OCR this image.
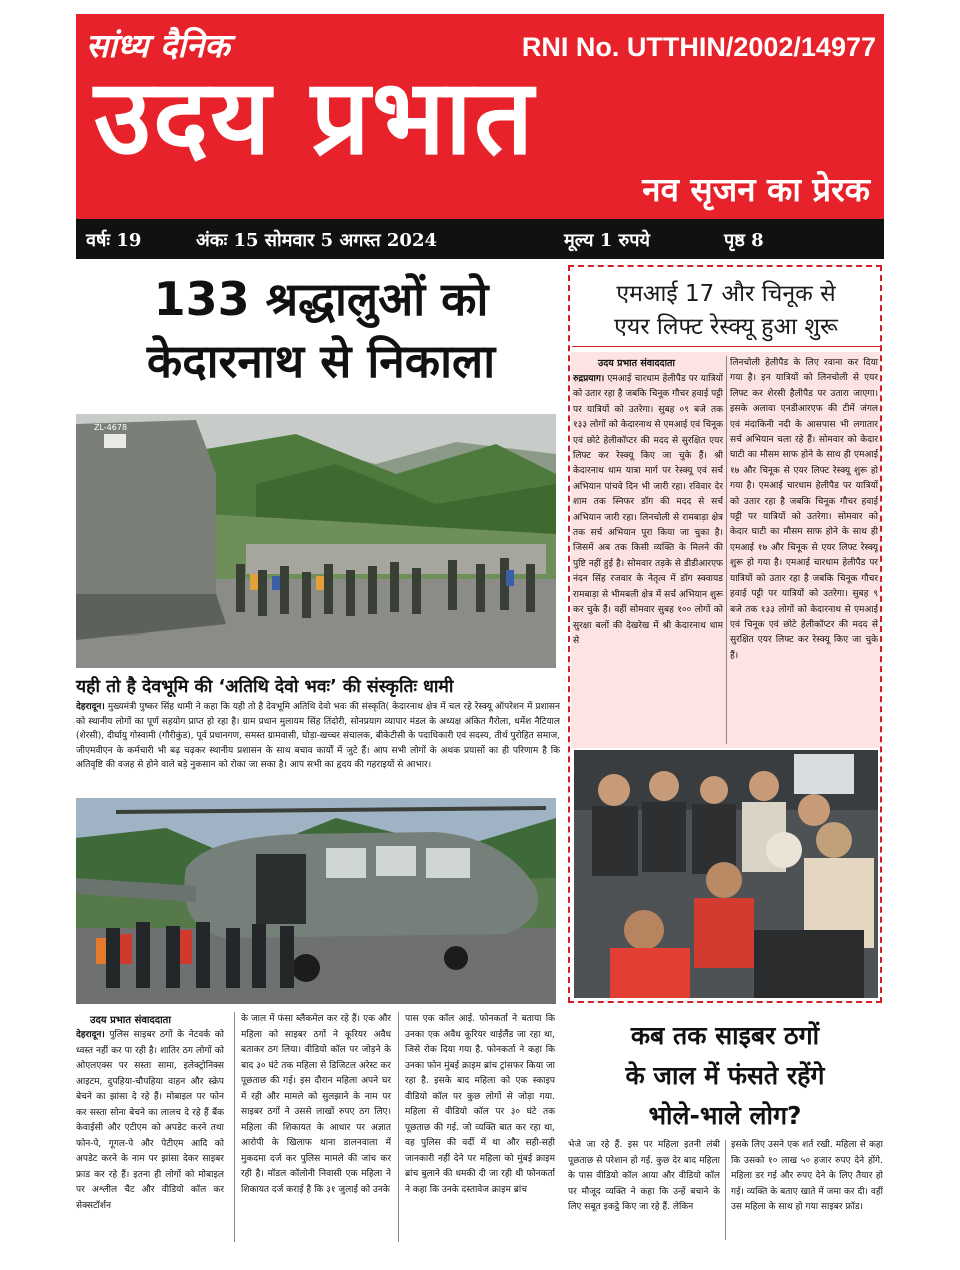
सांध्य दैनिक	RNI No. UTTHIN/2002/14977
उदय प्रभात
नव सृजन का प्रेरक
वर्षः 19	अंकः 15 सोमवार 5 अगस्त 2024	मूल्य 1 रुपये	पृष्ठ 8
133 श्रद्धालुओं को
केदारनाथ से निकाला
ZL-4678
यही तो है देवभूमि की ‘अतिथि देवो भवः’ की संस्कृतिः धामी
देहरादून। मुख्यमंत्री पुष्कर सिंह धामी ने कहा कि यही तो है देवभूमि अतिथि देवो भवः की संस्कृति( केदारनाथ क्षेत्र में चल रहे रेस्क्यू ऑपरेशन में प्रशासन को स्थानीय लोगों का पूर्ण सहयोग प्राप्त हो रहा है। ग्राम प्रधान मुलायम सिंह तिंदोरी, सोनप्रयाग व्यापार मंडल के अध्यक्ष अंकित गैरोला, धर्मेश नैटियाल (शेरसी), दीर्घायु गोस्वामी (गौरीकुंड), पूर्व प्रधानगण, समस्त ग्रामवासी, घोड़ा-खच्चर संचालक, बीकेटीसी के पदाधिकारी एवं सदस्य, तीर्थ पुरोहित समाज, जीएमवीएन के कर्मचारी भी बढ़ चढ़कर स्थानीय प्रशासन के साथ बचाव कार्यों में जुटे हैं। आप सभी लोगों के अथक प्रयासों का ही परिणाम है कि अतिवृष्टि की वजह से होने वाले बड़े नुकसान को रोका जा सका है। आप सभी का हृदय की गहराइयों से आभार।
उदय प्रभात संवाददाता
देहरादून। पुलिस साइबर ठगों के नेटवर्क को ध्वस्त नहीं कर पा रही है। शातिर ठग लोगों को ओएलएक्स पर सस्ता सामा, इलेक्ट्रोनिक्स आइटम, दुपहिया-चौपहिया वाहन और स्क्रेप बेचने का झांसा दे रहे हैं। मोबाइल पर फोन कर सस्ता सोना बेचने का लालच दे रहे हैं बैंक केवाईसी और एटीएम को अपडेट करने तथा फोन-पे, गूगल-पे और पेटीएम आदि को अपडेट करने के नाम पर झांसा देकर साइबर फ्राड कर रहे हैं। इतना ही लोगों को मोबाइल पर अश्लील चैट और वीडियो कॉल कर सेक्सटॉर्शन
के जाल में फंसा ब्लैकमेल कर रहे हैं। एक और महिला को साइबर ठगों ने कूरियर अवैध बताकर ठग लिया। वीडियो कॉल पर जोड़ने के बाद ३० घंटे तक महिला से डिजिटल अरेस्ट कर पूछताछ की गई। इस दौरान महिला अपने घर में रही और मामले को सुलझाने के नाम पर साइबर ठगों ने उससे लाखों रुपए ठग लिए। महिला की शिकायत के आधार पर अज्ञात आरोपी के खिलाफ थाना डालनवाला में मुकदमा दर्ज कर पुलिस मामले की जांच कर रही है। मॉडल कॉलोनी निवासी एक महिला ने शिकायत दर्ज कराई है कि ३१ जुलाई को उनके
पास एक कॉल आई. फोनकर्ता ने बताया कि उनका एक अवैध कूरियर थाईलैंड जा रहा था, जिसे रोक दिया गया है. फोनकर्ता ने कहा कि उनका फोन मुंबई क्राइम ब्रांच ट्रांसफर किया जा रहा है. इसके बाद महिला को एक स्काइप वीडियो कॉल पर कुछ लोगों से जोड़ा गया. महिला से वीडियो कॉल पर ३० घंटे तक पूछताछ की गई. जो व्यक्ति बात कर रहा था, वह पुलिस की वर्दी में था और सही-सही जानकारी नहीं देने पर महिला को मुंबई क्राइम ब्रांच बुलाने की धमकी दी जा रही थी फोनकर्ता ने कहा कि उनके दस्तावेज क्राइम ब्रांच
एमआई 17 और चिनूक से
एयर लिफ्ट रेस्क्यू हुआ शुरू
उदय प्रभात संवाददाता
रुद्रप्रयाग। एमआई चारधाम हेलीपैड पर यात्रियों को उतार रहा है जबकि चिनूक गौचर हवाई पट्टी पर यात्रियों को उतरेगा। सुबह ०९ बजे तक १३३ लोगों को केदारनाथ से एमआई एवं चिनूक एवं छोटे हेलीकॉप्टर की मदद से सुरक्षित एयर लिफ्ट कर रेस्क्यू किए जा चुके हैं। श्री केदारनाथ धाम यात्रा मार्ग पर रेस्क्यू एवं सर्च अभियान पांचवे दिन भी जारी रहा। रविवार देर शाम तक स्निफर डॉग की मदद से सर्च अभियान जारी रहा। लिनचोली से रामबाड़ा क्षेत्र तक सर्च अभियान पूरा किया जा चुका है। जिसमें अब तक किसी व्यक्ति के मिलने की पुष्टि नहीं हुई है। सोमवार तड़के से डीडीआरएफ नंदन सिंह रजवार के नेतृत्व में डॉग स्क्वायड रामबाड़ा से भीमबली क्षेत्र में सर्च अभियान शुरू कर चुके हैं। वहीं सोमवार सुबह १०० लोगों को सुरक्षा बलों की देखरेख में श्री केदारनाथ धाम से
लिनचोली हेलीपैड के लिए रवाना कर दिया गया है। इन यात्रियों को लिनचोली से एयर लिफ्ट कर शेरसी हैलीपैड पर उतारा जाएगा। इसके अलावा एनडीआरएफ की टीमें जंगल एवं मंदाकिनी नदी के आसपास भी लगातार सर्च अभियान चला रहे हैं। सोमवार को केदार घाटी का मौसम साफ होने के साथ ही एमआई १७ और चिनूक से एयर लिफ्ट रेस्क्यू शुरू हो गया है। एमआई चारधाम हेलीपैड पर यात्रियों को उतार रहा है जबकि चिनूक गौचर हवाई पट्टी पर यात्रियों को उतरेगा। सोमवार को केदार घाटी का मौसम साफ होने के साथ ही एमआई १७ और चिनूक से एयर लिफ्ट रेस्क्यू शुरू हो गया है। एमआई चारधाम हेलीपैड पर यात्रियों को उतार रहा है जबकि चिनूक गौचर हवाई पट्टी पर यात्रियों को उतरेगा। सुबह ९ बजे तक १३३ लोगों को केदारनाथ से एमआई एवं चिनूक एवं छोटे हेलीकॉप्टर की मदद से सुरक्षित एयर लिफ्ट कर रेस्क्यू किए जा चुके हैं।
कब तक साइबर ठगों
के जाल में फंसते रहेंगे
भोले-भाले लोग?
भेजे जा रहे हैं. इस पर महिला इतनी लंबी पूछताछ से परेशान हो गई. कुछ देर बाद महिला के पास वीडियो कॉल आया और वीडियो कॉल पर मौजूद व्यक्ति ने कहा कि उन्हें बचाने के लिए सबूत इकट्ठे किए जा रहे हैं. लेकिन
इसके लिए उसने एक शर्त रखी. महिला से कहा कि उसको १० लाख ५० हजार रुपए देने होंगे. महिला डर गई और रुपए देने के लिए तैयार हो गई। व्यक्ति के बताए खाते में जमा कर दी। वहीं उस महिला के साथ हो गया साइबर फ्रॉड।
